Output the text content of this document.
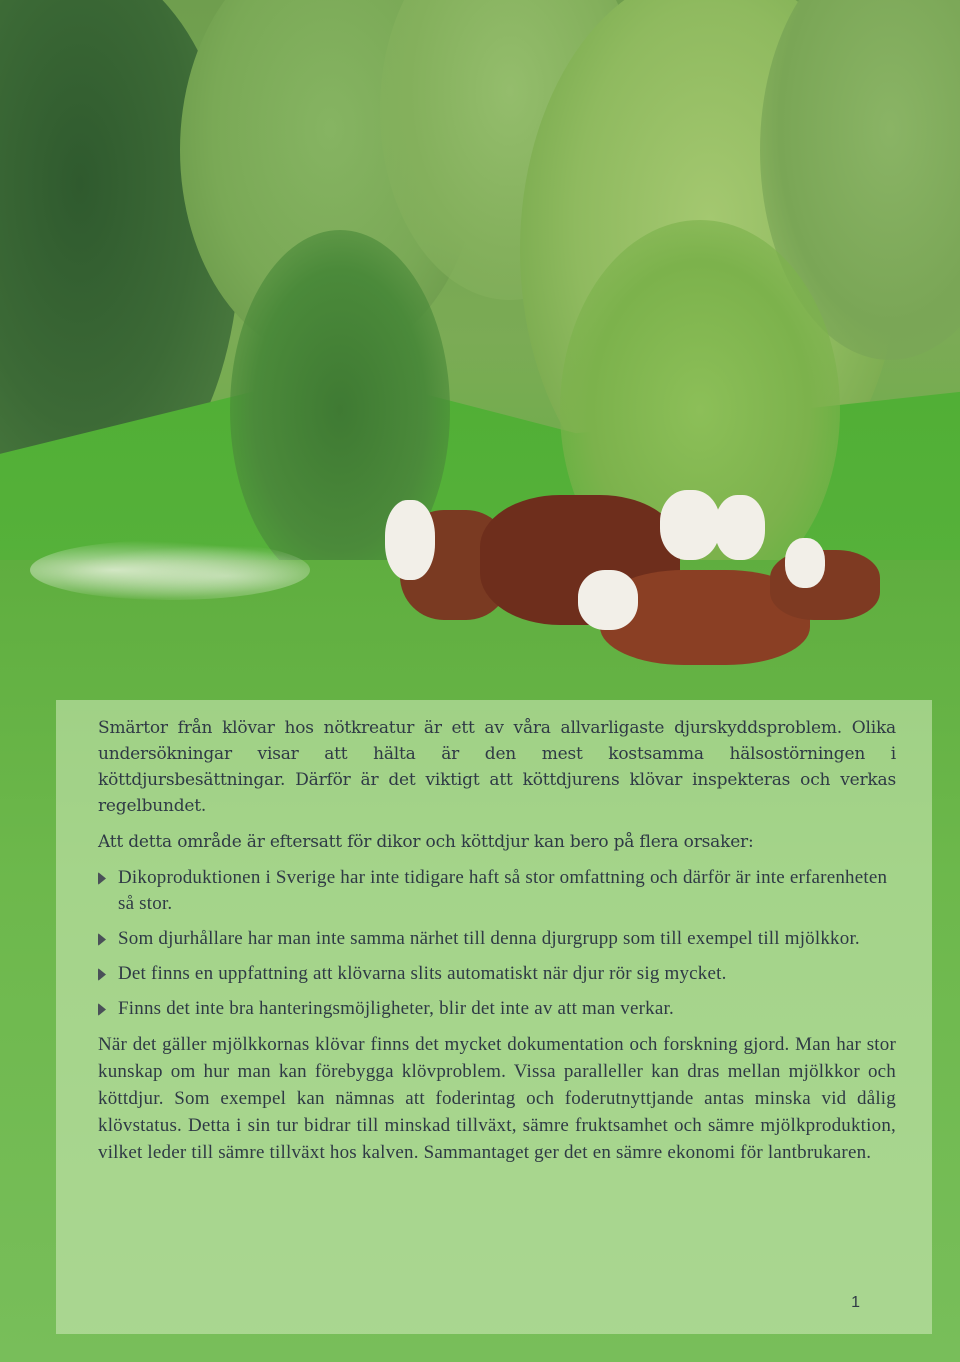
Smärtor från klövar hos nötkreatur är ett av våra allvarligaste djurskyddsproblem. Olika undersökningar visar att hälta är den mest kostsamma hälsostörningen i köttdjursbesättningar. Därför är det viktigt att köttdjurens klövar inspekteras och verkas regelbundet.

Att detta område är eftersatt för dikor och köttdjur kan bero på flera orsaker:

Dikoproduktionen i Sverige har inte tidigare haft så stor omfattning och därför är inte erfarenheten så stor.
Som djurhållare har man inte samma närhet till denna djurgrupp som till exempel till mjölkkor.
Det finns en uppfattning att klövarna slits automatiskt när djur rör sig mycket.
Finns det inte bra hanteringsmöjligheter, blir det inte av att man verkar.

När det gäller mjölkkornas klövar finns det mycket dokumentation och forskning gjord. Man har stor kunskap om hur man kan förebygga klövproblem. Vissa paralleller kan dras mellan mjölkkor och köttdjur. Som exempel kan nämnas att foderintag och foderutnyttjande antas minska vid dålig klövstatus. Detta i sin tur bidrar till minskad tillväxt, sämre fruktsamhet och sämre mjölkproduktion, vilket leder till sämre tillväxt hos kalven. Sammantaget ger det en sämre ekonomi för lantbrukaren.

1
